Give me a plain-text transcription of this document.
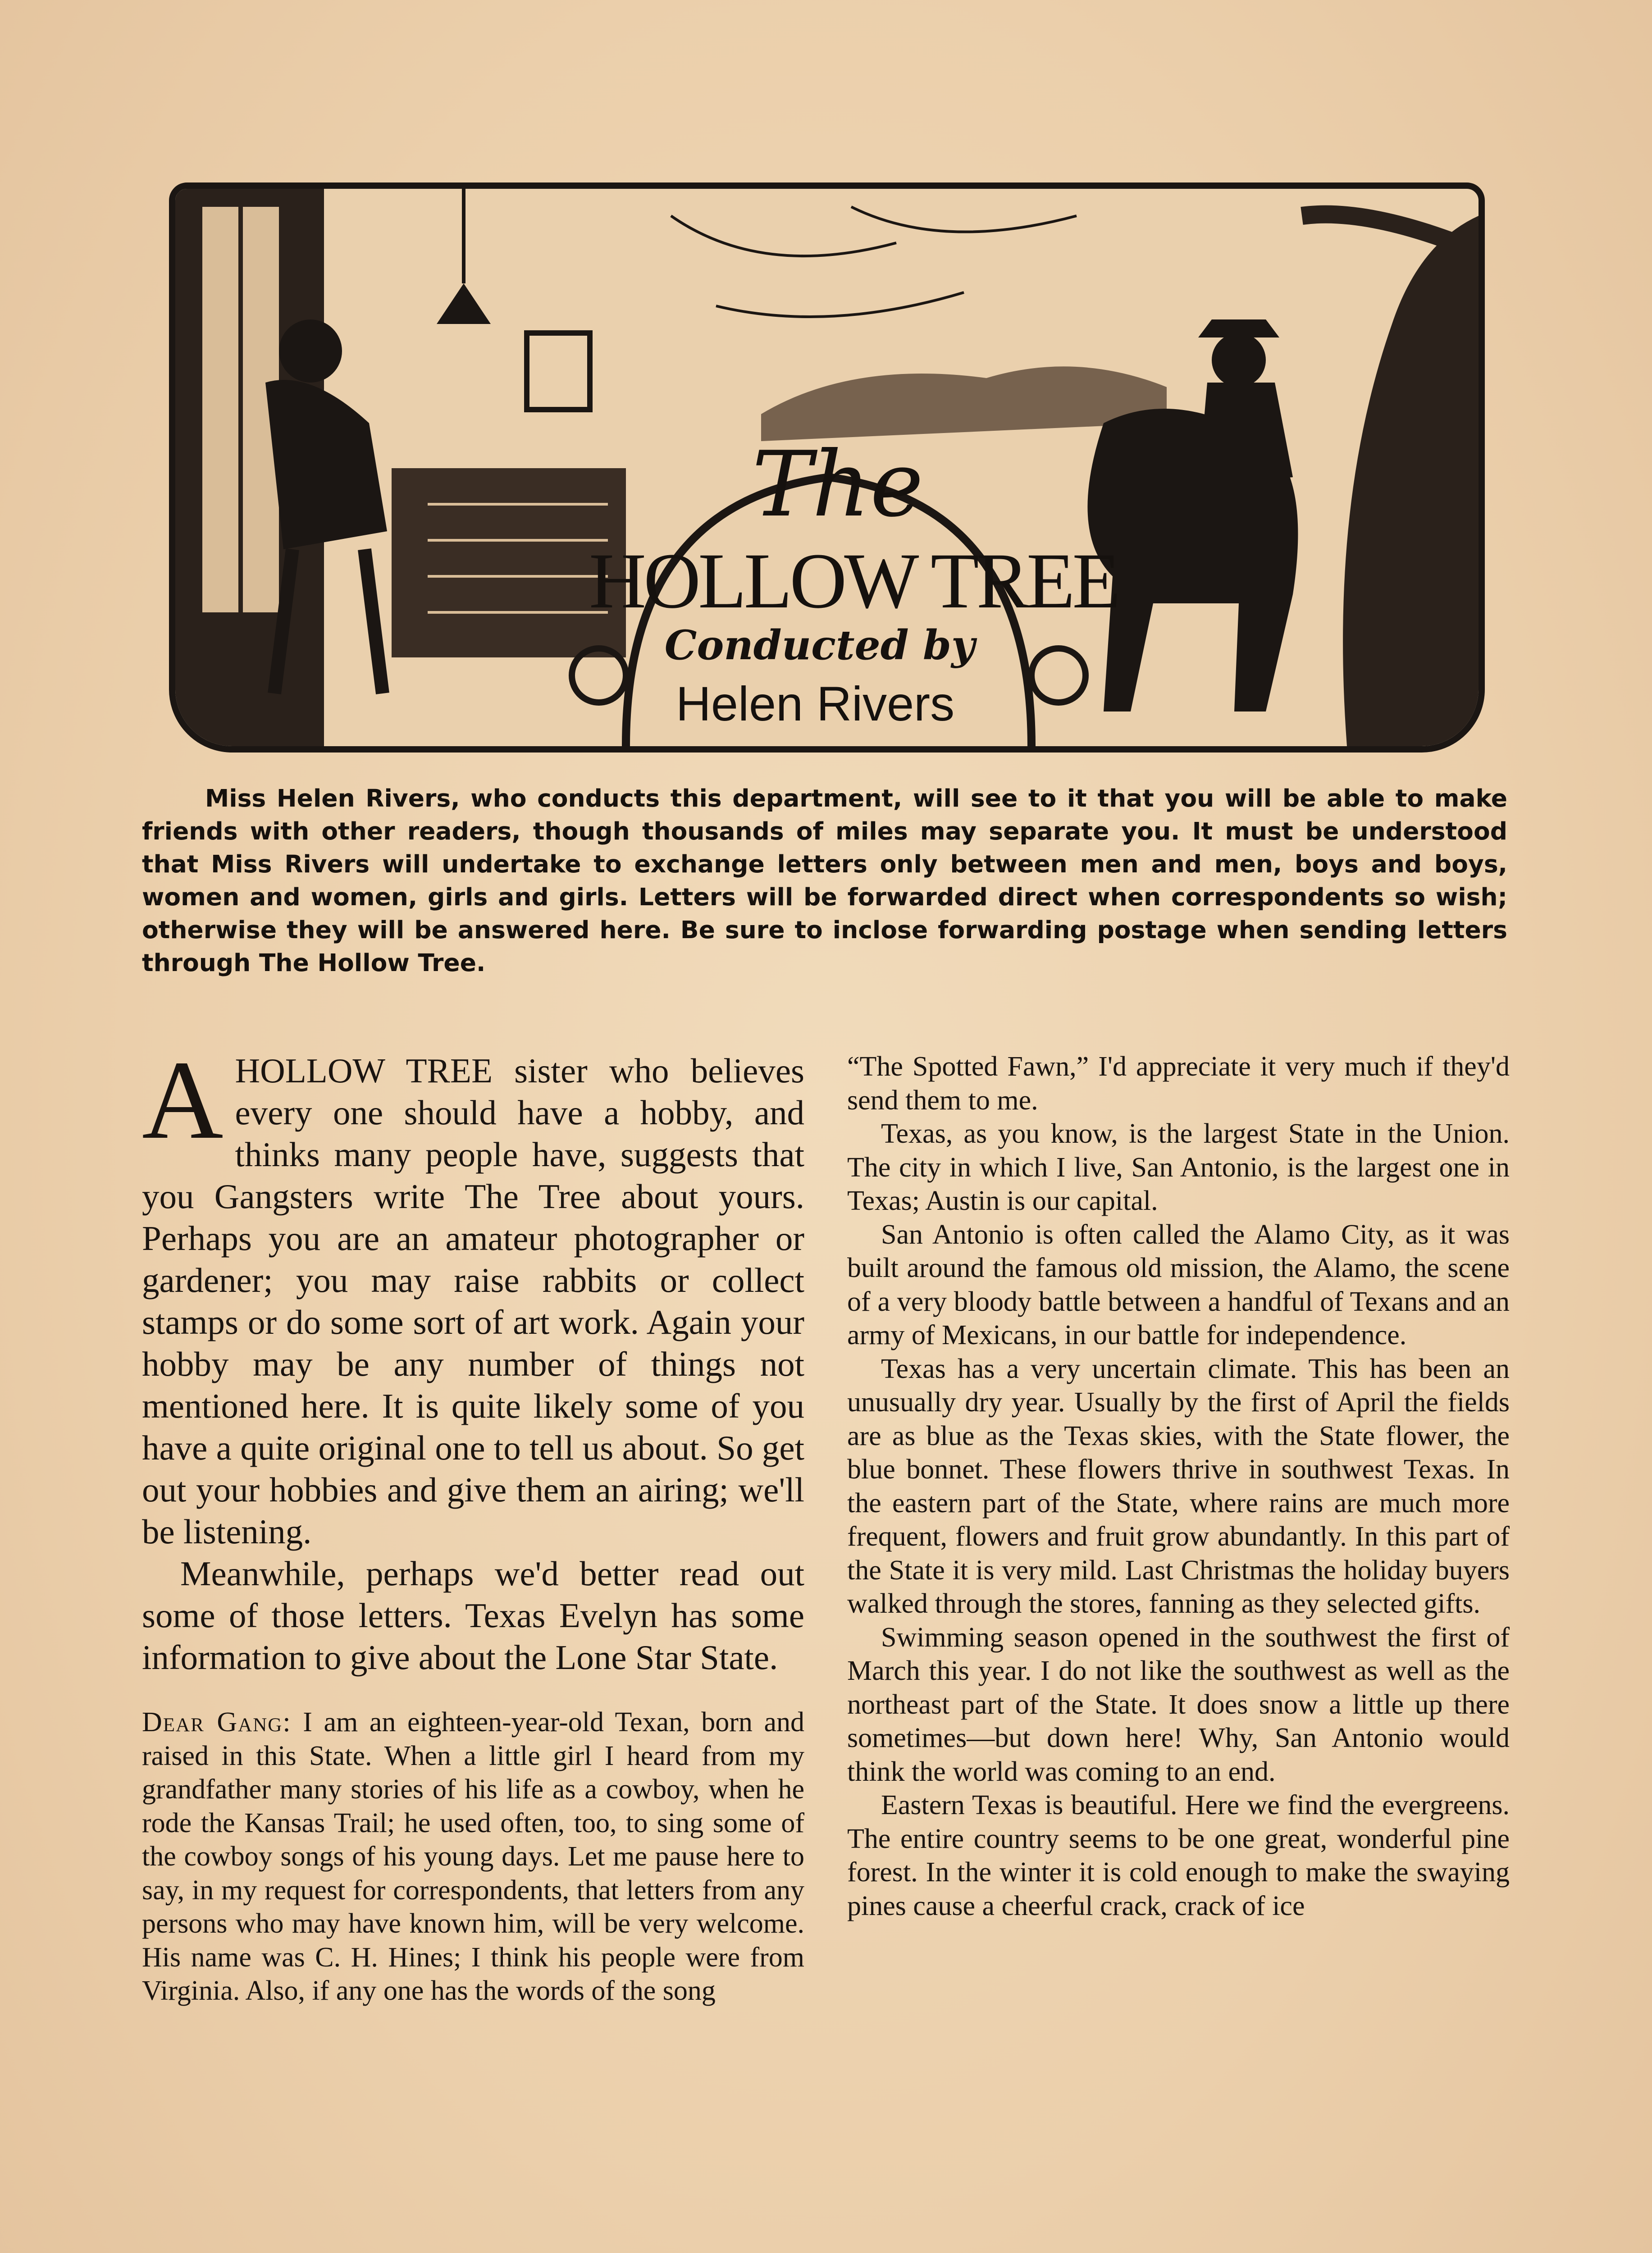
The
HOLLOW TREE
Conducted by
Helen Rivers

Miss Helen Rivers, who conducts this department, will see to it that you will be able to make friends with other readers, though thousands of miles may separate you. It must be understood that Miss Rivers will undertake to exchange letters only between men and men, boys and boys, women and women, girls and girls. Letters will be forwarded direct when correspondents so wish; otherwise they will be answered here. Be sure to inclose forwarding postage when sending letters through The Hollow Tree.

AHOLLOW TREE sister who believes every one should have a hobby, and thinks many people have, suggests that you Gangsters write The Tree about yours. Perhaps you are an amateur photographer or gardener; you may raise rabbits or collect stamps or do some sort of art work. Again your hobby may be any number of things not mentioned here. It is quite likely some of you have a quite original one to tell us about. So get out your hobbies and give them an airing; we'll be listening.

Meanwhile, perhaps we'd better read out some of those letters. Texas Evelyn has some information to give about the Lone Star State.

Dear Gang: I am an eighteen-year-old Texan, born and raised in this State. When a little girl I heard from my grandfather many stories of his life as a cowboy, when he rode the Kansas Trail; he used often, too, to sing some of the cowboy songs of his young days. Let me pause here to say, in my request for correspondents, that letters from any persons who may have known him, will be very welcome. His name was C. H. Hines; I think his people were from Virginia. Also, if any one has the words of the song

“The Spotted Fawn,” I'd appreciate it very much if they'd send them to me.

Texas, as you know, is the largest State in the Union. The city in which I live, San Antonio, is the largest one in Texas; Austin is our capital.

San Antonio is often called the Alamo City, as it was built around the famous old mission, the Alamo, the scene of a very bloody battle between a handful of Texans and an army of Mexicans, in our battle for independence.

Texas has a very uncertain climate. This has been an unusually dry year. Usually by the first of April the fields are as blue as the Texas skies, with the State flower, the blue bonnet. These flowers thrive in southwest Texas. In the eastern part of the State, where rains are much more frequent, flowers and fruit grow abundantly. In this part of the State it is very mild. Last Christmas the holiday buyers walked through the stores, fanning as they selected gifts.

Swimming season opened in the southwest the first of March this year. I do not like the southwest as well as the northeast part of the State. It does snow a little up there sometimes—but down here! Why, San Antonio would think the world was coming to an end.

Eastern Texas is beautiful. Here we find the evergreens. The entire country seems to be one great, wonderful pine forest. In the winter it is cold enough to make the swaying pines cause a cheerful crack, crack of ice
